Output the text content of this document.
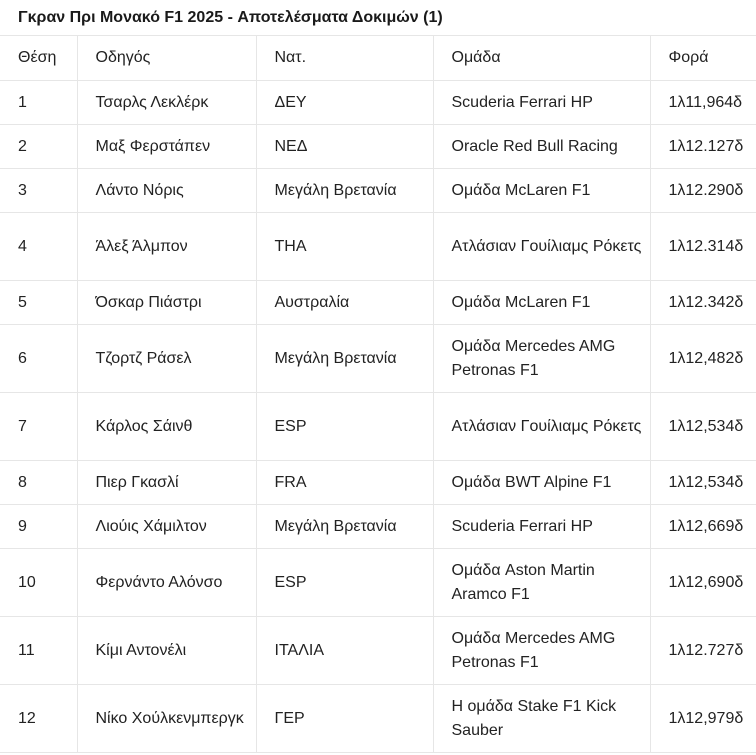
Γκραν Πρι Μονακό F1 2025 - Αποτελέσματα Δοκιμών (1)
Θέση	Οδηγός	Νατ.	Ομάδα	Φορά
1	Τσαρλς Λεκλέρκ	ΔΕΥ	Scuderia Ferrari HP	1λ11,964δ
2	Μαξ Φερστάπεν	ΝΕΔ	Oracle Red Bull Racing	1λ12.127δ
3	Λάντο Νόρις	Μεγάλη Βρετανία	Ομάδα McLaren F1	1λ12.290δ
4	Άλεξ Άλμπον	THA	Ατλάσιαν Γουίλιαμς Ρόκετς	1λ12.314δ
5	Όσκαρ Πιάστρι	Αυστραλία	Ομάδα McLaren F1	1λ12.342δ
6	Τζορτζ Ράσελ	Μεγάλη Βρετανία	Ομάδα Mercedes AMG Petronas F1	1λ12,482δ
7	Κάρλος Σάινθ	ESP	Ατλάσιαν Γουίλιαμς Ρόκετς	1λ12,534δ
8	Πιερ Γκασλί	FRA	Ομάδα BWT Alpine F1	1λ12,534δ
9	Λιούις Χάμιλτον	Μεγάλη Βρετανία	Scuderia Ferrari HP	1λ12,669δ
10	Φερνάντο Αλόνσο	ESP	Ομάδα Aston Martin Aramco F1	1λ12,690δ
11	Κίμι Αντονέλι	ΙΤΑΛΙΑ	Ομάδα Mercedes AMG Petronas F1	1λ12.727δ
12	Νίκο Χούλκενμπεργκ	ΓΕΡ	Η ομάδα Stake F1 Kick Sauber	1λ12,979δ
